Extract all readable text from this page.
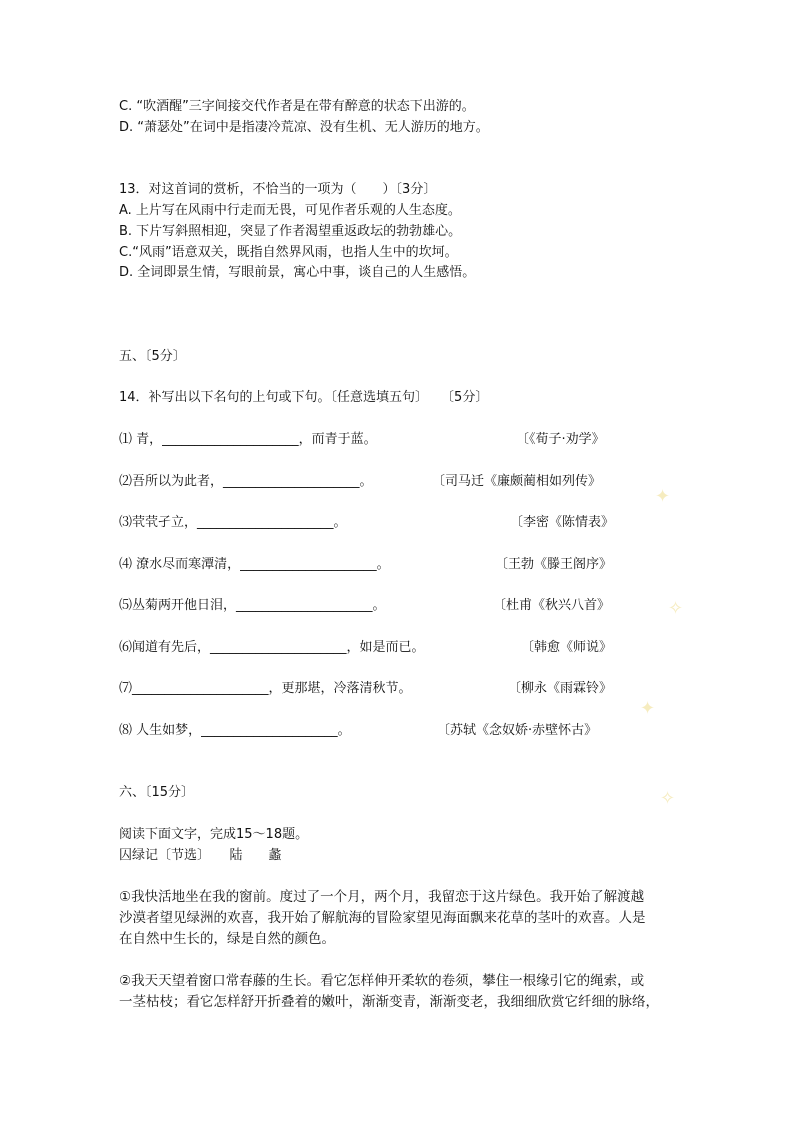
C. “吹酒醒”三字间接交代作者是在带有醉意的状态下出游的。
D. “萧瑟处”在词中是指凄冷荒凉、没有生机、无人游历的地方。
13．对这首词的赏析，不恰当的一项为（　　）〔3分〕
A. 上片写在风雨中行走而无畏，可见作者乐观的人生态度。
B. 下片写斜照相迎，突显了作者渴望重返政坛的勃勃雄心。
C.“风雨”语意双关，既指自然界风雨，也指人生中的坎坷。
D. 全词即景生情，写眼前景，寓心中事，谈自己的人生感悟。
五、〔5分〕
14．补写出以下名句的上句或下句。〔任意选填五句〕　　〔5分〕
⑴ 青，_____________________，而青于蓝。	〔《荀子·劝学》
⑵吾所以为此者，_____________________。	〔司马迁《廉颇蔺相如列传》
⑶茕茕孑立，_____________________。	〔李密《陈情表》
⑷ 潦水尽而寒潭清，_____________________。	〔王勃《滕王阁序》
⑸丛菊两开他日泪，_____________________。	〔杜甫《秋兴八首》
⑹闻道有先后，_____________________，如是而已。	〔韩愈《师说》
⑺_____________________，更那堪，冷落清秋节。	〔柳永《雨霖铃》
⑻ 人生如梦，_____________________。	〔苏轼《念奴娇·赤壁怀古》
六、〔15分〕
阅读下面文字，完成15～18题。
囚绿记〔节选〕　　陆　　蠡
①我快活地坐在我的窗前。度过了一个月，两个月，我留恋于这片绿色。我开始了解渡越
沙漠者望见绿洲的欢喜，我开始了解航海的冒险家望见海面飘来花草的茎叶的欢喜。人是
在自然中生长的，绿是自然的颜色。
②我天天望着窗口常春藤的生长。看它怎样伸开柔软的卷须，攀住一根缘引它的绳索，或
一茎枯枝；看它怎样舒开折叠着的嫩叶，渐渐变青，渐渐变老，我细细欣赏它纤细的脉络，
✦
✧
✦
✧
